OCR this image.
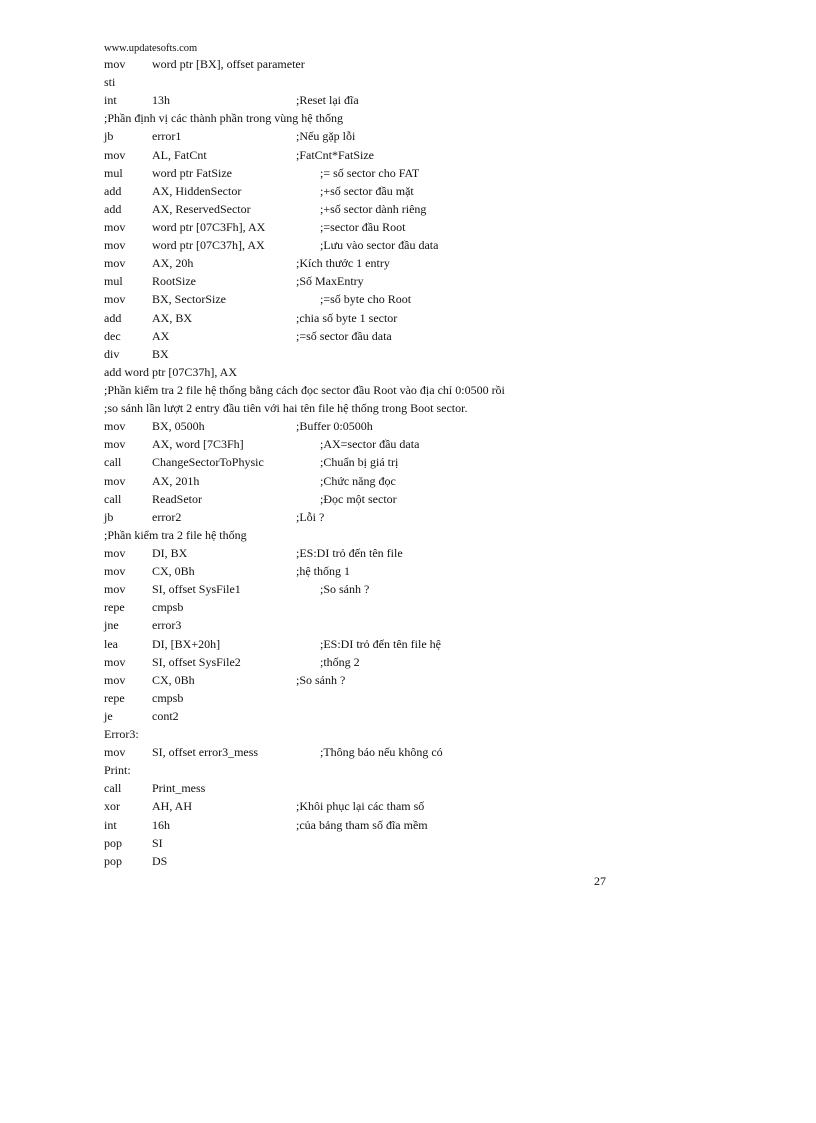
www.updatesofts.com
mov word ptr [BX], offset parameter
sti
int	13h	;Reset lại đĩa
;Phần định vị các thành phần trong vùng hệ thống
jb	error1	;Nếu gặp lỗi
mov AL, FatCnt	;FatCnt*FatSize
mul word ptr FatSize	;= số sector cho FAT
add	AX, HiddenSector	;+số sector đầu mặt
add	AX, ReservedSector	;+số sector dành riêng
mov word ptr [07C3Fh], AX	;=sector đầu Root
mov word ptr [07C37h], AX	;Lưu vào sector đầu data
mov AX, 20h	;Kích thước 1 entry
mul RootSize	;Số MaxEntry
mov BX, SectorSize	;=số byte cho Root
add	AX, BX	;chia số byte 1 sector
dec	AX	;=số sector đầu data
div	BX
add word ptr [07C37h], AX
;Phần kiểm tra 2 file hệ thống bằng cách đọc sector đầu Root vào địa chỉ 0:0500 rồi
;so sánh lần lượt 2 entry đầu tiên với hai tên file hệ thống trong Boot sector.
mov BX, 0500h	;Buffer 0:0500h
mov AX, word [7C3Fh]	;AX=sector đầu data
call	ChangeSectorToPhysic	;Chuẩn bị giá trị
mov AX, 201h	;Chức năng đọc
call	ReadSetor	;Đọc một sector
jb	error2	;Lỗi ?
;Phần kiểm tra 2 file hệ thống
mov DI, BX	;ES:DI trỏ đến tên file
mov CX, 0Bh	;hệ thống 1
mov SI, offset SysFile1	;So sánh ?
repe cmpsb
jne	error3
lea	DI, [BX+20h]	;ES:DI trỏ đến tên file hệ
mov SI, offset SysFile2	;thống 2
mov CX, 0Bh	;So sánh ?
repe cmpsb
je	cont2
Error3:
mov SI, offset error3_mess	;Thông báo nếu không có
Print:
call	Print_mess
xor	AH, AH	;Khôi phục lại các tham số
int	16h	;của bảng tham số đĩa mềm
pop	SI
pop	DS
27
